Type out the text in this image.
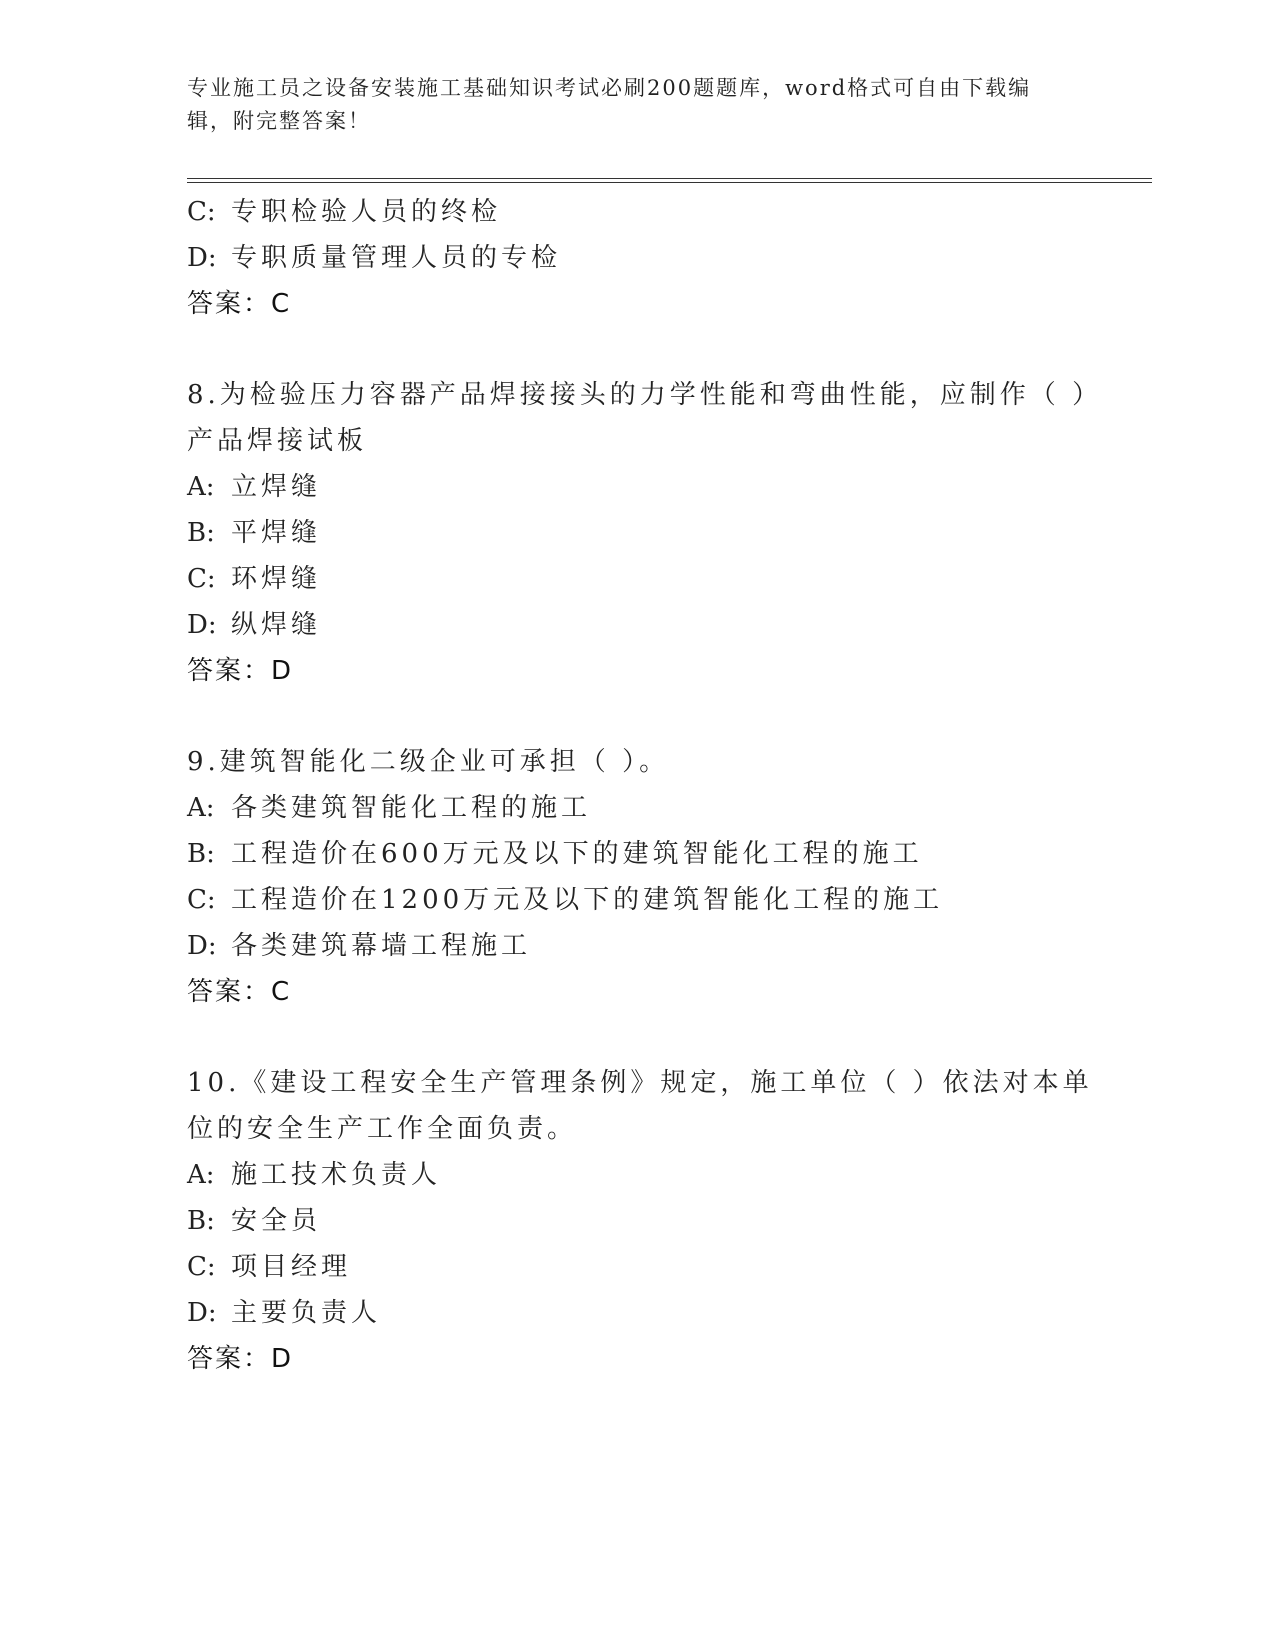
专业施工员之设备安装施工基础知识考试必刷200题题库，word格式可自由下载编辑，附完整答案！
C: 专职检验人员的终检
D: 专职质量管理人员的专检
答案：C
8.为检验压力容器产品焊接接头的力学性能和弯曲性能，应制作（ ）
产品焊接试板
A: 立焊缝
B: 平焊缝
C: 环焊缝
D: 纵焊缝
答案：D
9.建筑智能化二级企业可承担（ ）。
A: 各类建筑智能化工程的施工
B: 工程造价在600万元及以下的建筑智能化工程的施工
C: 工程造价在1200万元及以下的建筑智能化工程的施工
D: 各类建筑幕墙工程施工
答案：C
10.《建设工程安全生产管理条例》规定，施工单位（ ）依法对本单
位的安全生产工作全面负责。
A: 施工技术负责人
B: 安全员
C: 项目经理
D: 主要负责人
答案：D
